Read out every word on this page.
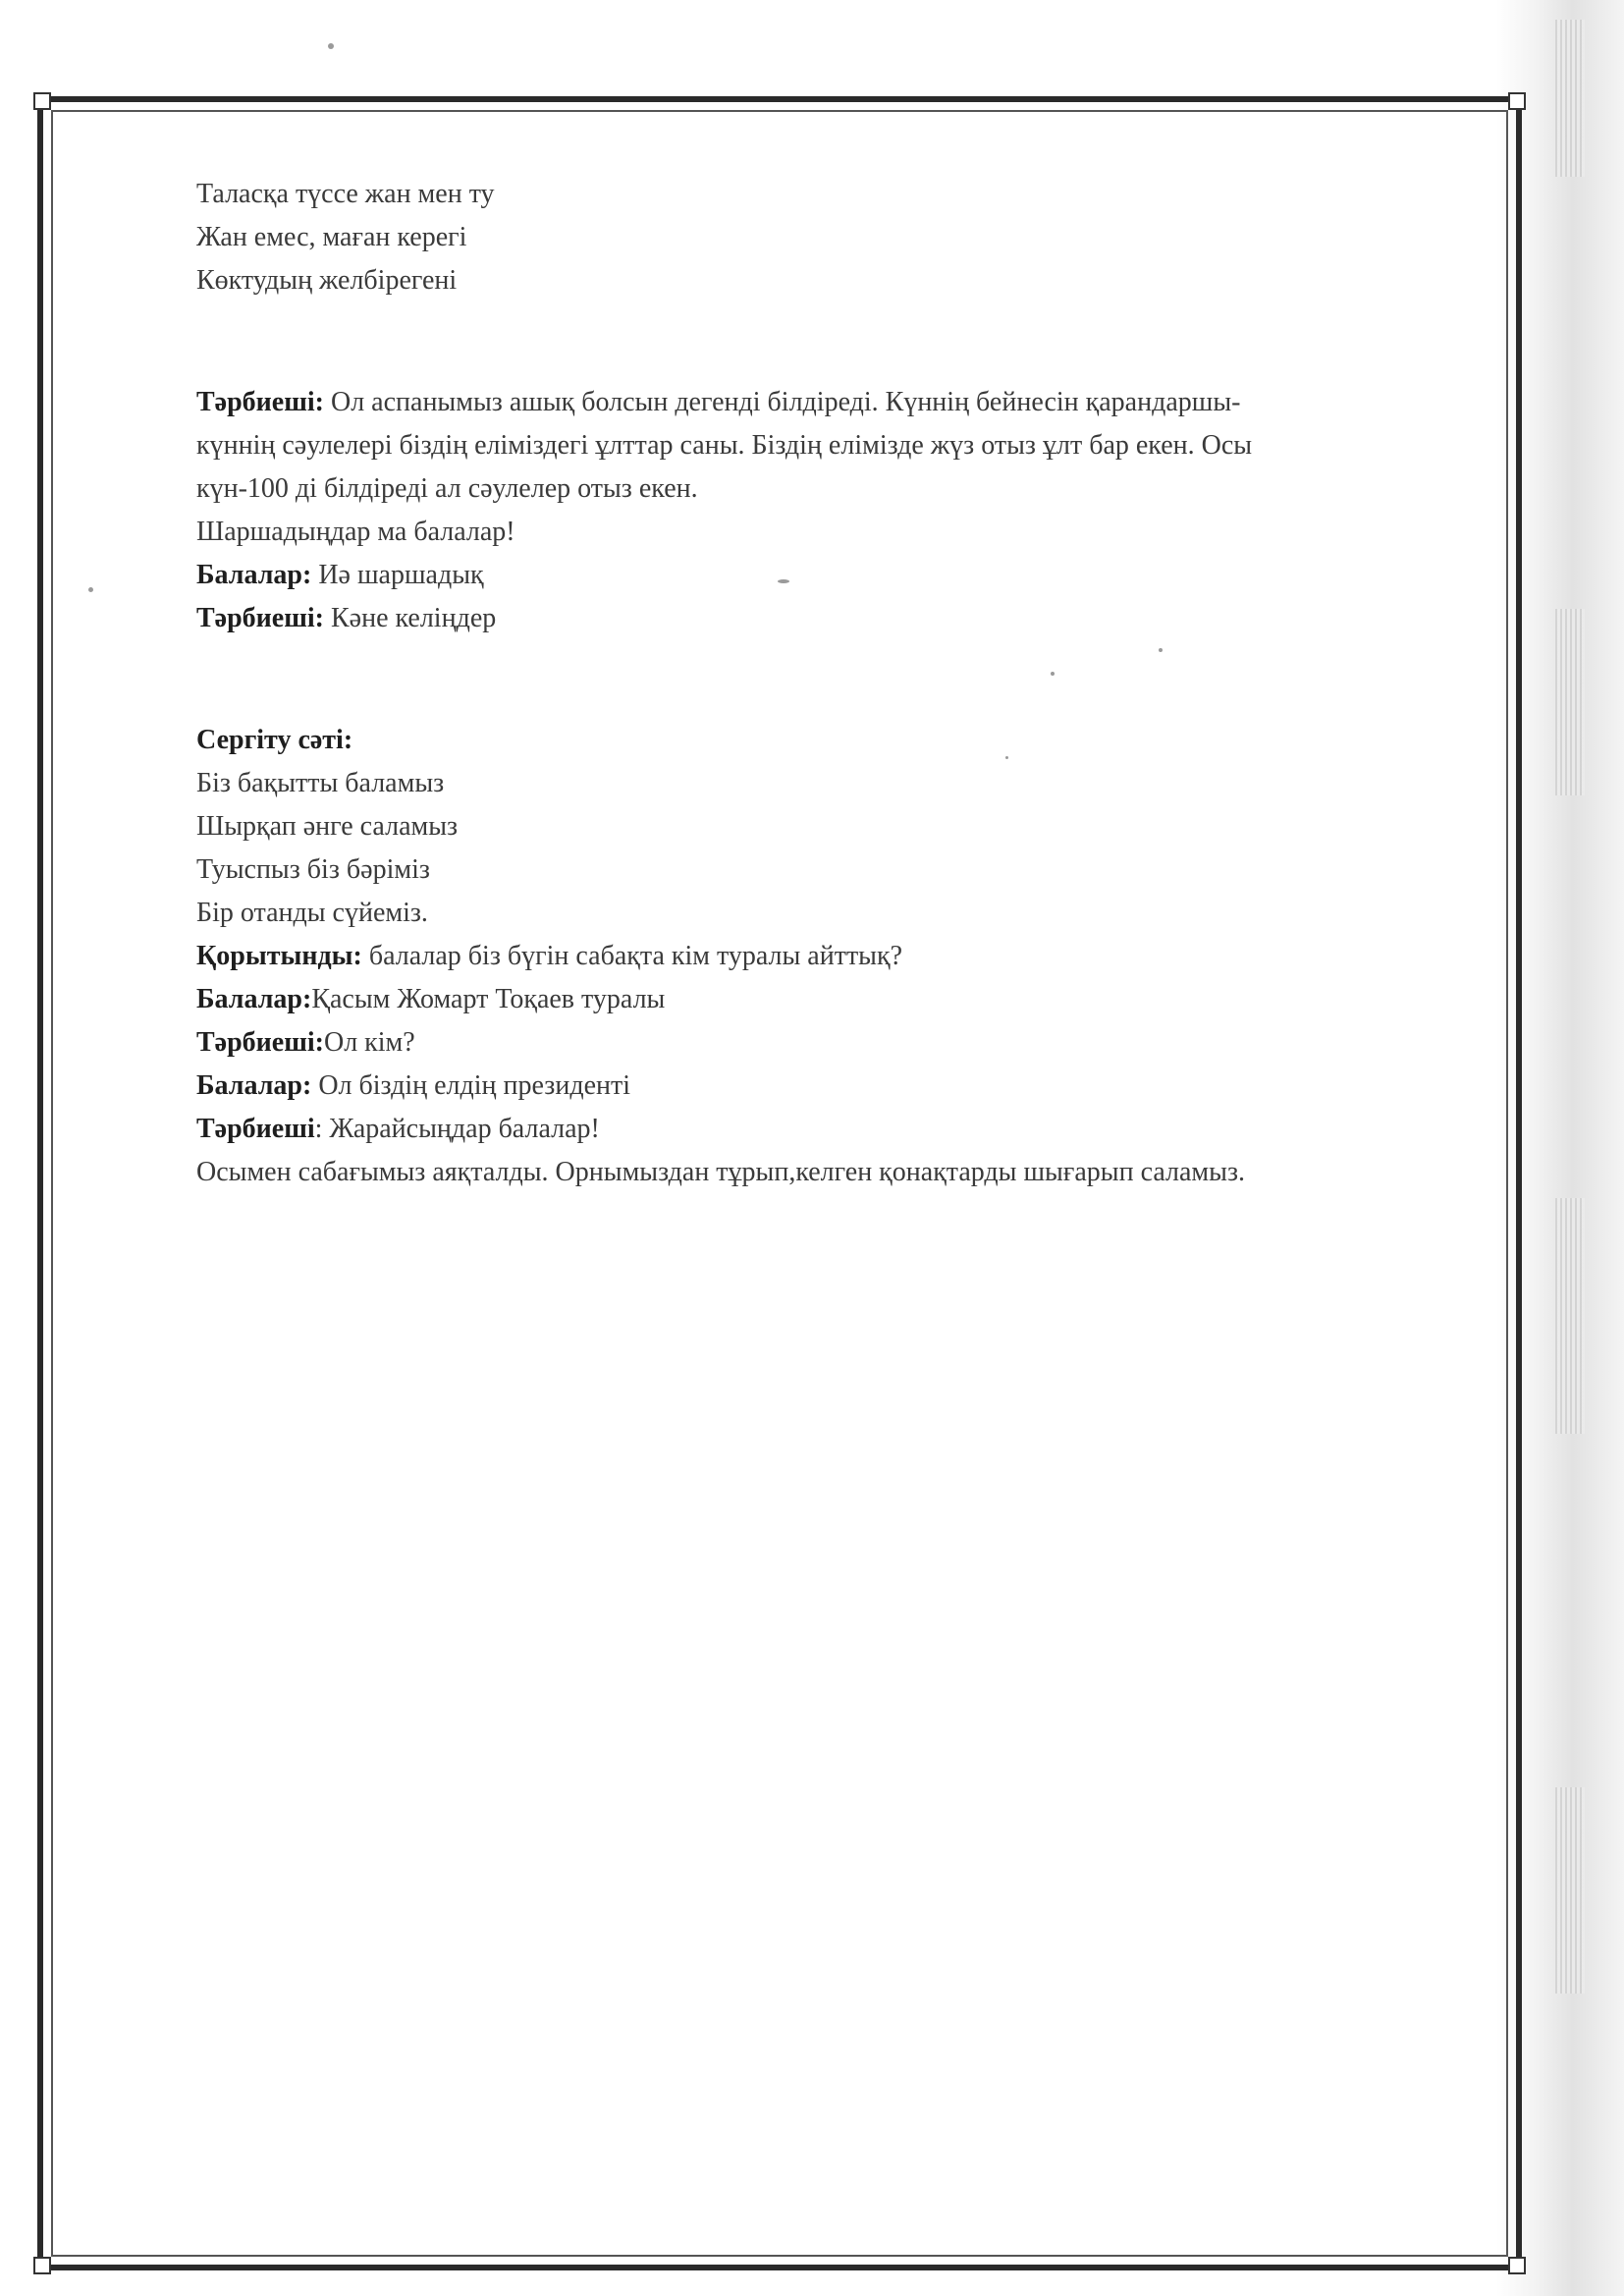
Таласқа түссе жан мен ту
Жан емес, маған керегі
Көктудың желбірегені
Тәрбиеші: Ол аспанымыз ашық болсын дегенді білдіреді. Күннің бейнесін қарандаршы-
күннің сәулелері біздің еліміздегі ұлттар саны. Біздің елімізде жүз отыз ұлт бар екен. Осы
күн-100 ді білдіреді ал сәулелер отыз екен.
Шаршадыңдар ма балалар!
Балалар: Иә шаршадық
Тәрбиеші: Кәне келіңдер
Сергіту сәті:
Біз бақытты баламыз
Шырқап әнге саламыз
Туыспыз біз бәріміз
Бір отанды сүйеміз.
Қорытынды: балалар біз бүгін сабақта кім туралы айттық?
Балалар:Қасым Жомарт Тоқаев туралы
Тәрбиеші:Ол кім?
Балалар: Ол біздің елдің президенті
Тәрбиеші: Жарайсыңдар балалар!
Осымен сабағымыз аяқталды. Орнымыздан тұрып,келген қонақтарды шығарып саламыз.
